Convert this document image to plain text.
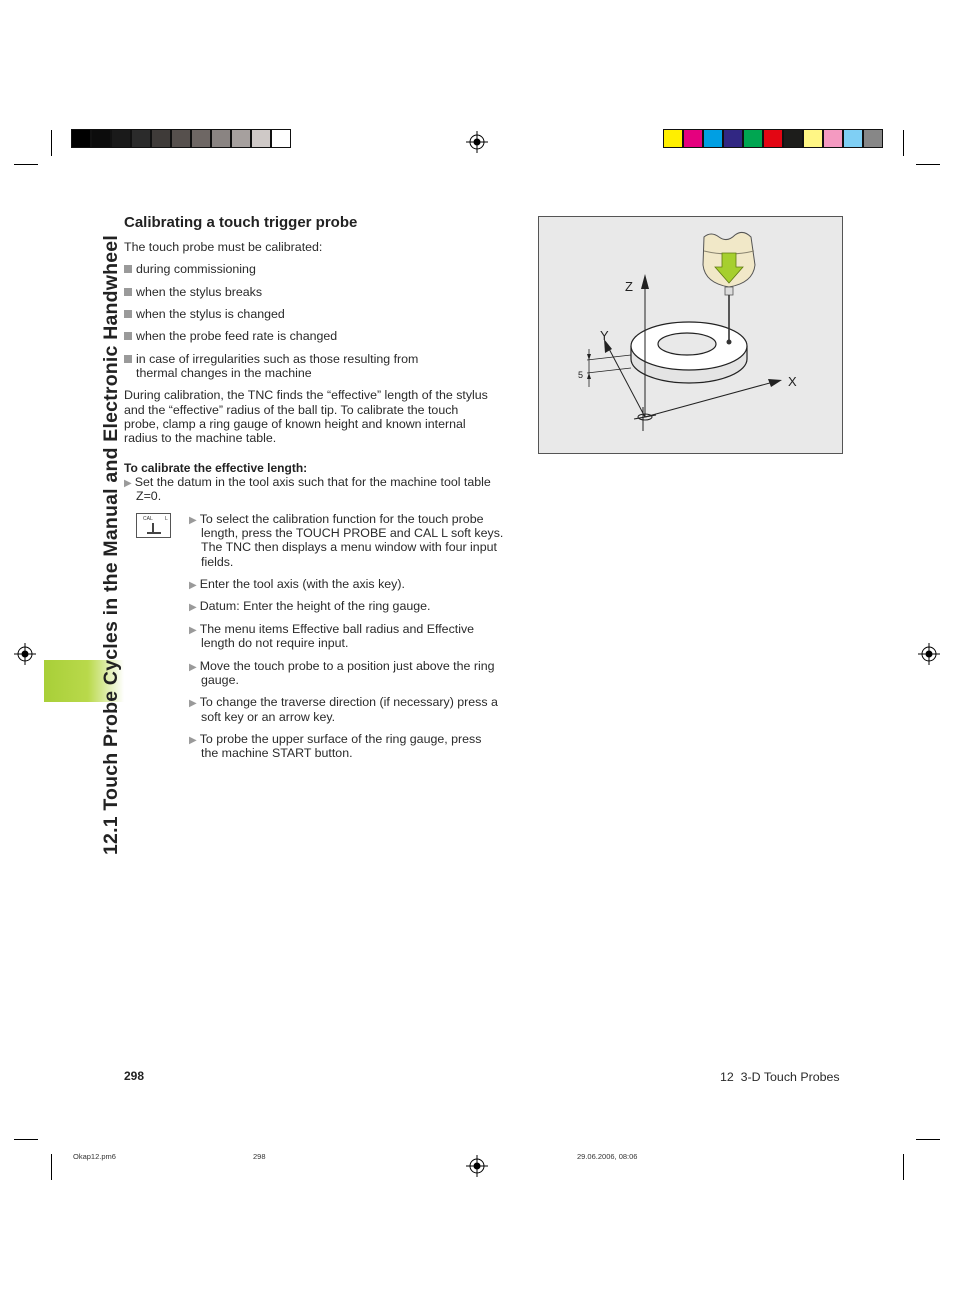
12.1 Touch Probe Cycles in the Manual and Electronic Handwheel
Calibrating a touch trigger probe
The touch probe must be calibrated:
during commissioning
when the stylus breaks
when the stylus is changed
when the probe feed rate is changed
in case of irregularities such as those resulting from
thermal changes in the machine
During calibration, the TNC finds the “effective” length of the stylus
and the “effective” radius of the ball tip. To calibrate the touch
probe, clamp a ring gauge of known height and known internal
radius to the machine table.
To calibrate the effective length:
▶ Set the datum in the tool axis such that for the machine tool table
Z=0.
CAL L ▶ To select the calibration function for the touch probe
length, press the TOUCH PROBE and CAL L soft keys.
The TNC then displays a menu window with four input
fields.
▶ Enter the tool axis (with the axis key).
▶ Datum: Enter the height of the ring gauge.
▶ The menu items Effective ball radius and Effective
length do not require input.
▶ Move the touch probe to a position just above the ring
gauge.
▶ To change the traverse direction (if necessary) press a
soft key or an arrow key.
▶ To probe the upper surface of the ring gauge, press
the machine START button.
Z
Y
X
5
298	12  3-D Touch Probes
Okap12.pm6	298	29.06.2006, 08:06
